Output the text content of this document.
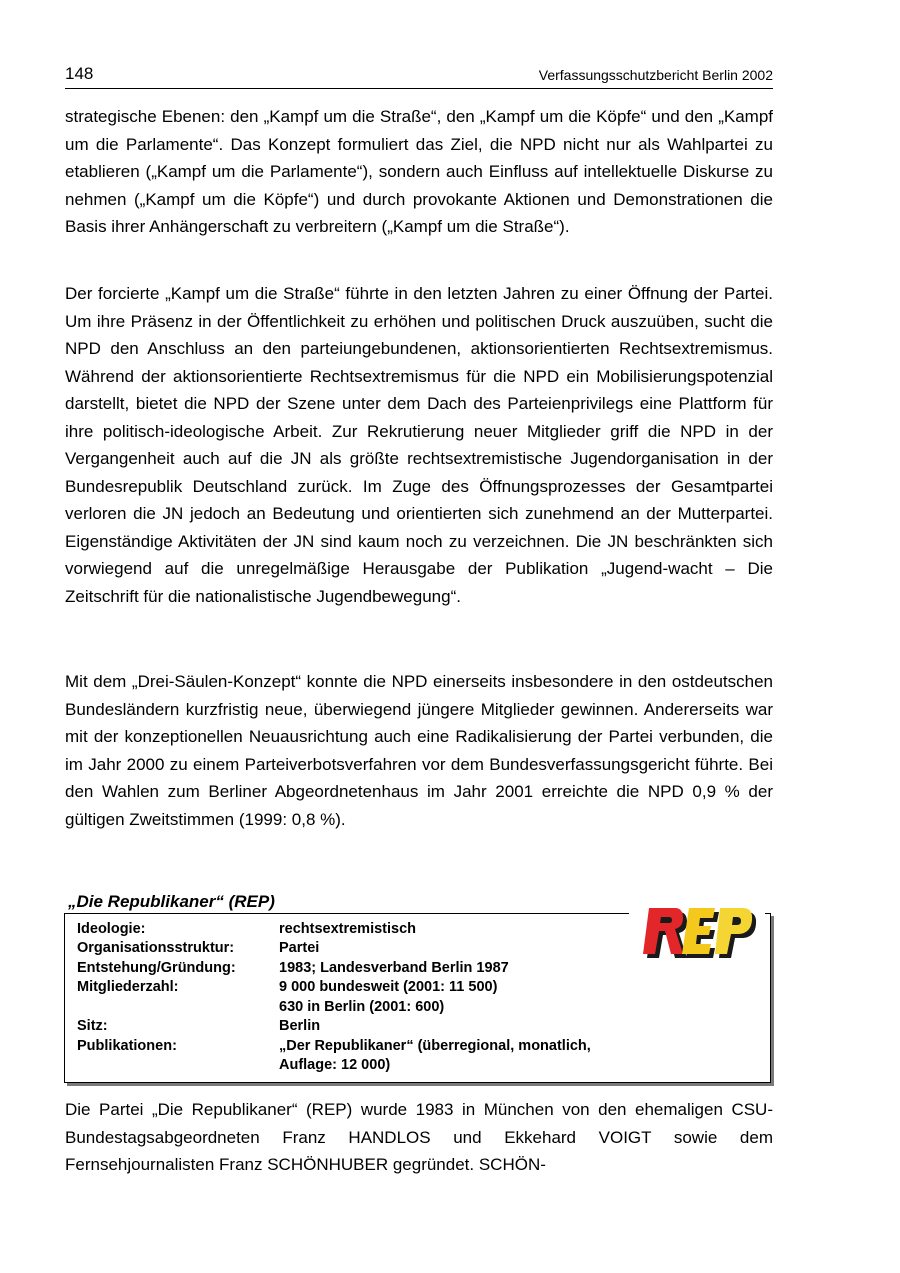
148	Verfassungsschutzbericht Berlin 2002

strategische Ebenen: den „Kampf um die Straße“, den „Kampf um die Köpfe“ und den „Kampf um die Parlamente“. Das Konzept formuliert das Ziel, die NPD nicht nur als Wahlpartei zu etablieren („Kampf um die Parlamente“), sondern auch Einfluss auf intellektuelle Diskurse zu nehmen („Kampf um die Köpfe“) und durch provokante Aktionen und Demonstrationen die Basis ihrer Anhängerschaft zu verbreitern („Kampf um die Straße“).

Der forcierte „Kampf um die Straße“ führte in den letzten Jahren zu einer Öffnung der Partei. Um ihre Präsenz in der Öffentlichkeit zu erhöhen und politischen Druck auszuüben, sucht die NPD den Anschluss an den parteiungebundenen, aktionsorientierten Rechtsextremismus. Während der aktionsorientierte Rechtsextremismus für die NPD ein Mobilisierungspotenzial darstellt, bietet die NPD der Szene unter dem Dach des Parteienprivilegs eine Plattform für ihre politisch-ideologische Arbeit. Zur Rekrutierung neuer Mitglieder griff die NPD in der Vergangenheit auch auf die JN als größte rechtsextremistische Jugendorganisation in der Bundesrepublik Deutschland zurück. Im Zuge des Öffnungsprozesses der Gesamtpartei verloren die JN jedoch an Bedeutung und orientierten sich zunehmend an der Mutterpartei. Eigenständige Aktivitäten der JN sind kaum noch zu verzeichnen. Die JN beschränkten sich vorwiegend auf die unregelmäßige Herausgabe der Publikation „Jugend-wacht – Die Zeitschrift für die nationalistische Jugendbewegung“.

Mit dem „Drei-Säulen-Konzept“ konnte die NPD einerseits insbesondere in den ostdeutschen Bundesländern kurzfristig neue, überwiegend jüngere Mitglieder gewinnen. Andererseits war mit der konzeptionellen Neuausrichtung auch eine Radikalisierung der Partei verbunden, die im Jahr 2000 zu einem Parteiverbotsverfahren vor dem Bundesverfassungsgericht führte. Bei den Wahlen zum Berliner Abgeordnetenhaus im Jahr 2001 erreichte die NPD 0,9 % der gültigen Zweitstimmen (1999: 0,8 %).

„Die Republikaner“ (REP)
Ideologie:	rechtsextremistisch
Organisationsstruktur:	Partei
Entstehung/Gründung:	1983; Landesverband Berlin 1987
Mitgliederzahl:	9 000 bundesweit (2001: 11 500)
630 in Berlin (2001: 600)
Sitz:	Berlin
Publikationen:	„Der Republikaner“ (überregional, monatlich,
Auflage: 12 000)

Die Partei „Die Republikaner“ (REP) wurde 1983 in München von den ehemaligen CSU-Bundestagsabgeordneten Franz HANDLOS und Ekkehard VOIGT sowie dem Fernsehjournalisten Franz SCHÖNHUBER gegründet. SCHÖN-
